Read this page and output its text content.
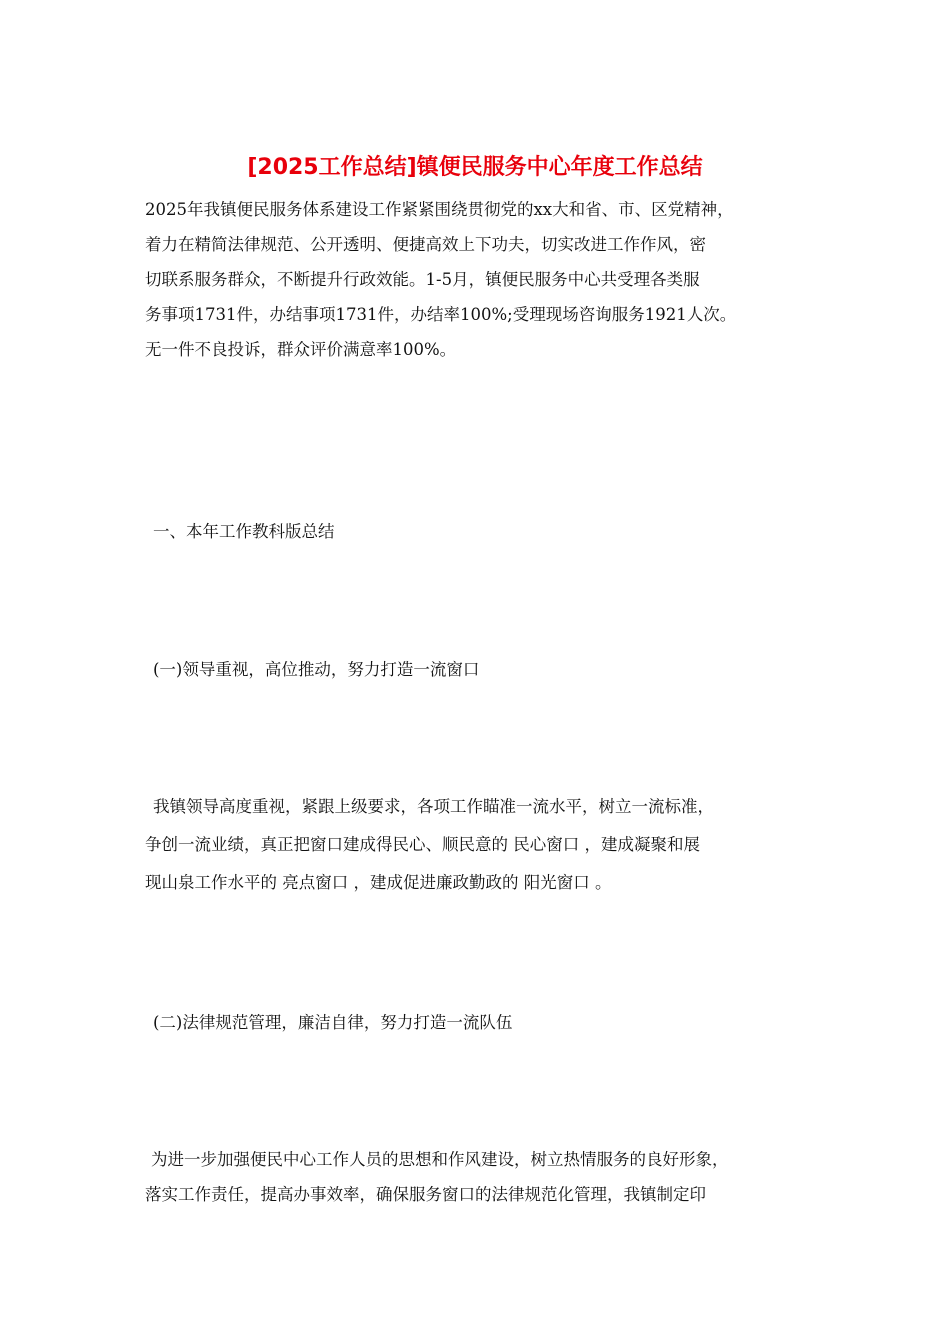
[2025工作总结]镇便民服务中心年度工作总结
2025年我镇便民服务体系建设工作紧紧围绕贯彻党的xx大和省、市、区党精神，
着力在精简法律规范、公开透明、便捷高效上下功夫，切实改进工作作风，密
切联系服务群众，不断提升行政效能。1-5月，镇便民服务中心共受理各类服
务事项1731件，办结事项1731件，办结率100%;受理现场咨询服务1921人次。
无一件不良投诉，群众评价满意率100%。
一、本年工作教科版总结
(一)领导重视，高位推动，努力打造一流窗口
我镇领导高度重视，紧跟上级要求，各项工作瞄准一流水平，树立一流标准，
争创一流业绩，真正把窗口建成得民心、顺民意的 民心窗口 ，建成凝聚和展
现山泉工作水平的 亮点窗口 ，建成促进廉政勤政的 阳光窗口 。
(二)法律规范管理，廉洁自律，努力打造一流队伍
为进一步加强便民中心工作人员的思想和作风建设，树立热情服务的良好形象，
落实工作责任，提高办事效率，确保服务窗口的法律规范化管理，我镇制定印
